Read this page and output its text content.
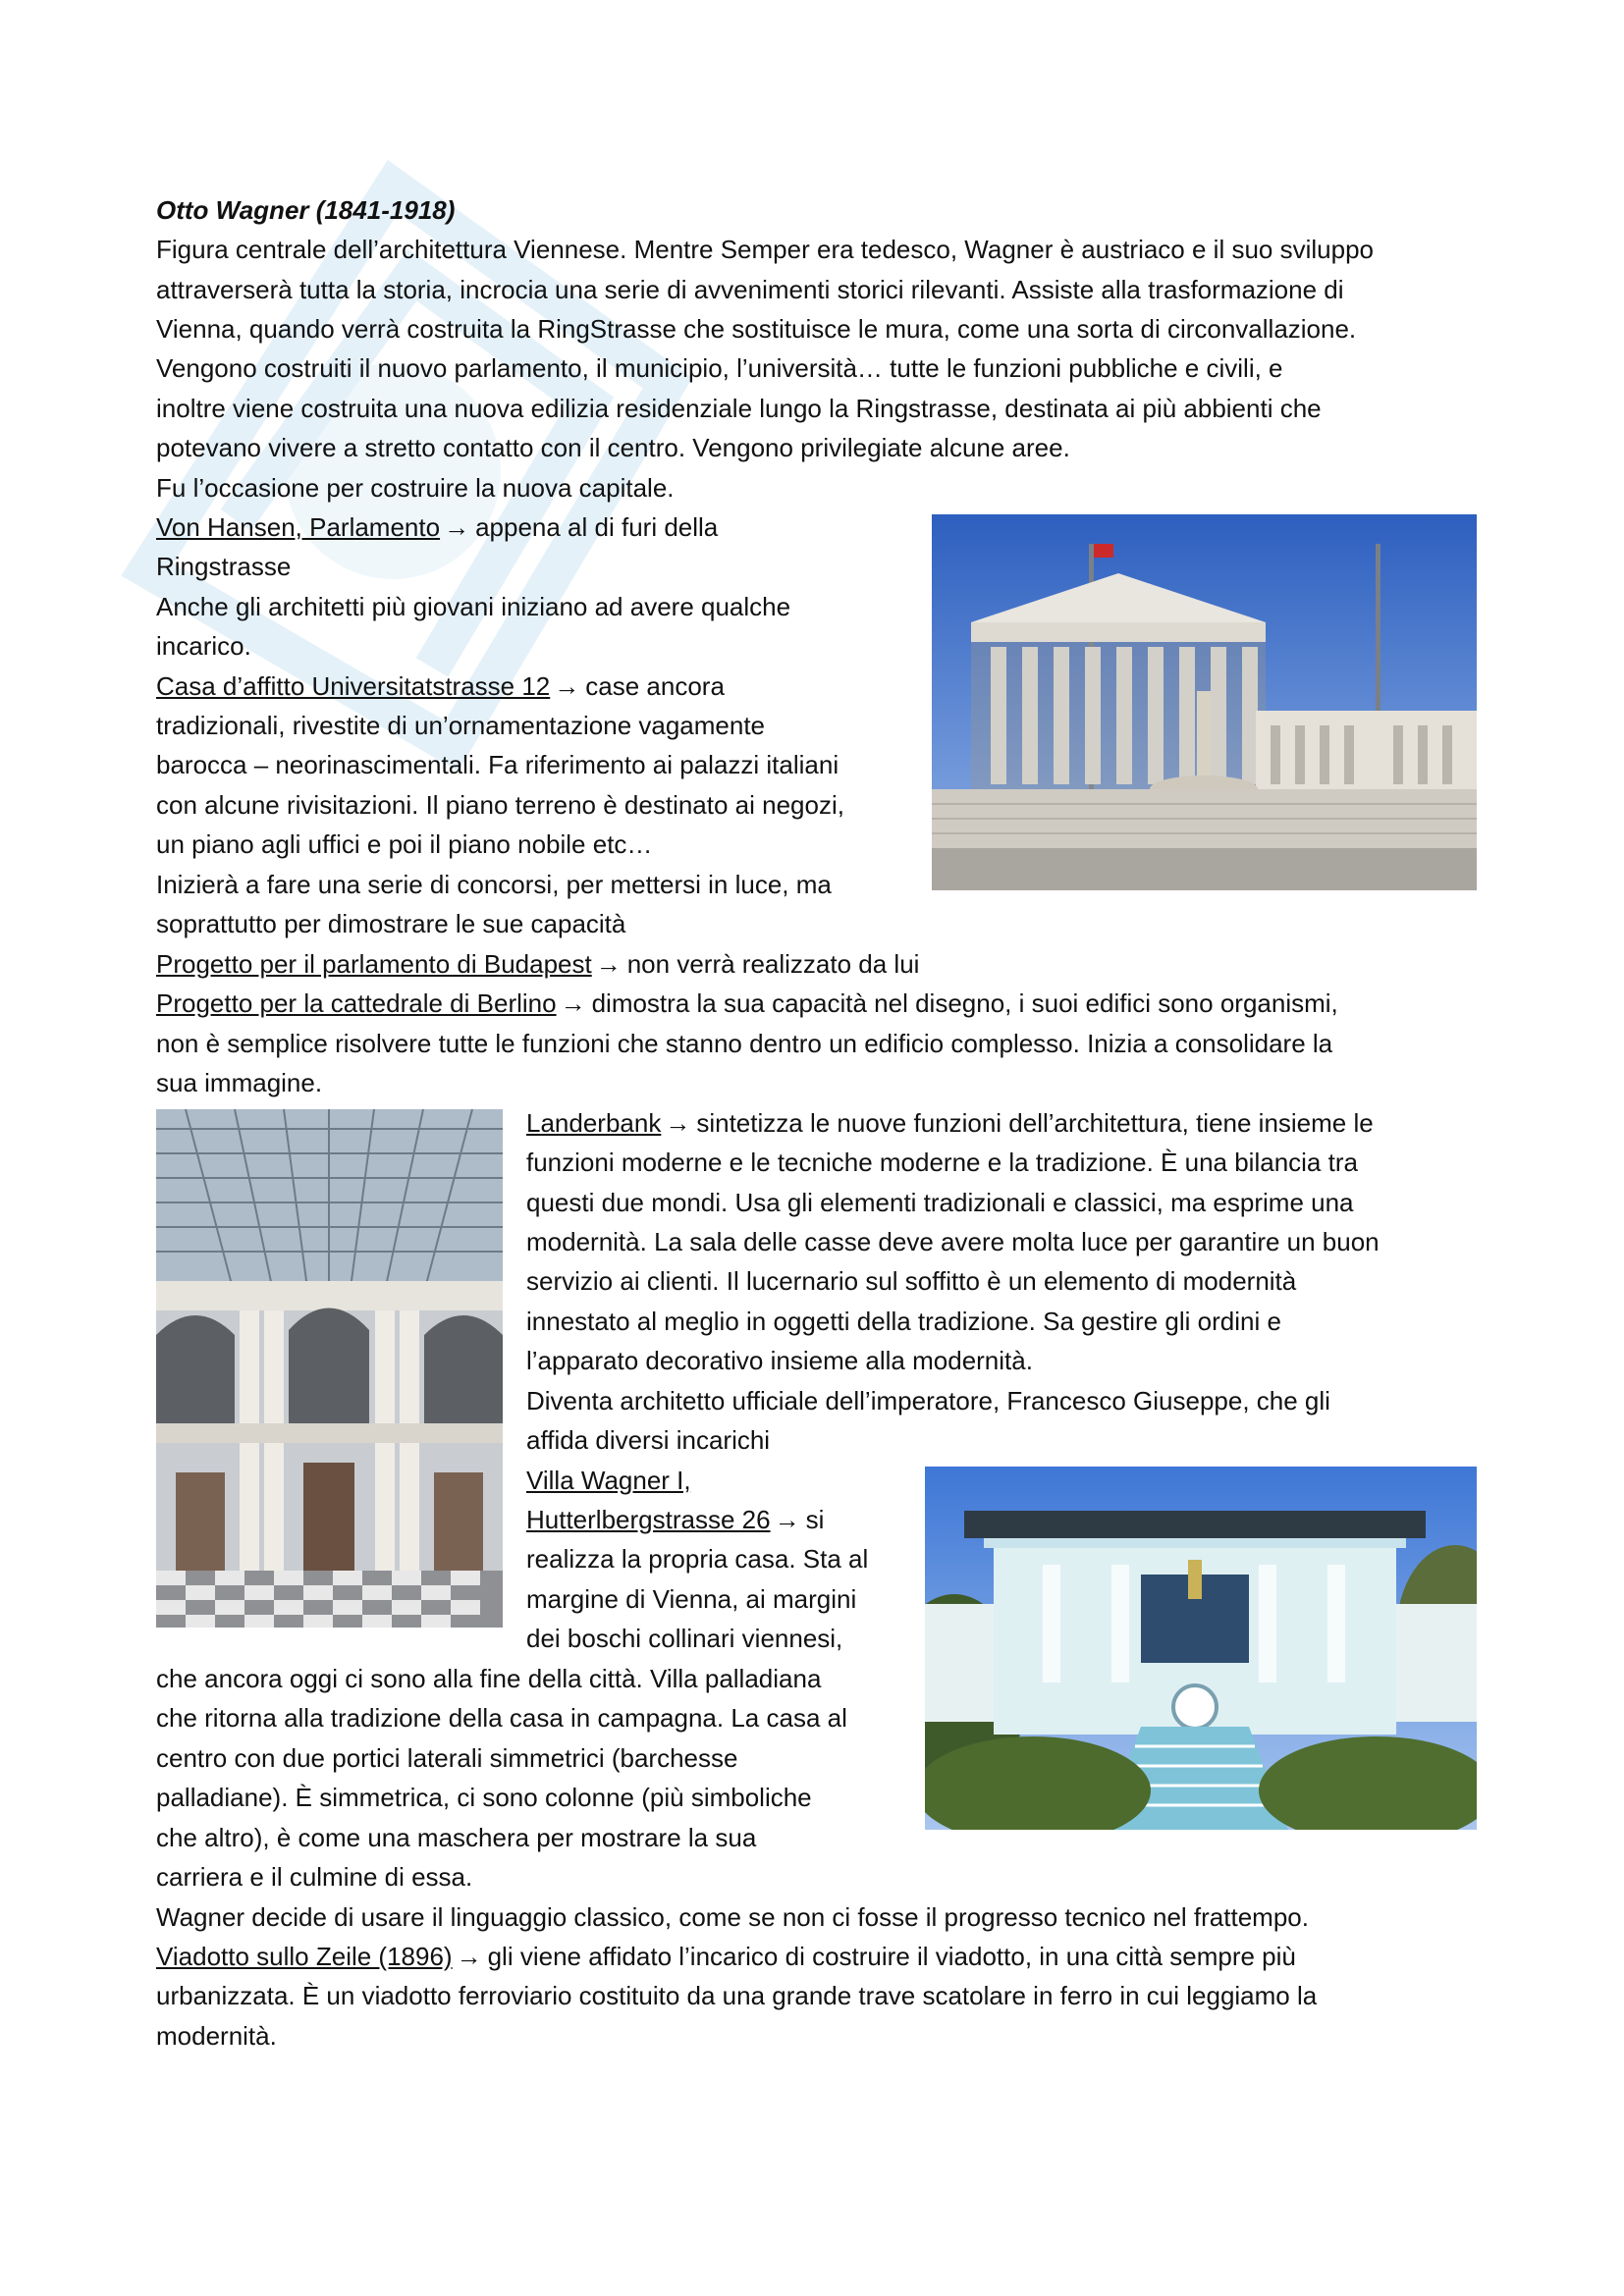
Otto Wagner (1841-1918)
Figura centrale dell’architettura Viennese. Mentre Semper era tedesco, Wagner è austriaco e il suo sviluppo
attraverserà tutta la storia, incrocia una serie di avvenimenti storici rilevanti. Assiste alla trasformazione di
Vienna, quando verrà costruita la RingStrasse che sostituisce le mura, come una sorta di circonvallazione.
Vengono costruiti il nuovo parlamento, il municipio, l’università… tutte le funzioni pubbliche e civili, e
inoltre viene costruita una nuova edilizia residenziale lungo la Ringstrasse, destinata ai più abbienti che
potevano vivere a stretto contatto con il centro. Vengono privilegiate alcune aree.
Fu l’occasione per costruire la nuova capitale.
Von Hansen, Parlamento → appena al di furi della
Ringstrasse
Anche gli architetti più giovani iniziano ad avere qualche
incarico.
Casa d’affitto Universitatstrasse 12 → case ancora
tradizionali, rivestite di un’ornamentazione vagamente
barocca – neorinascimentali. Fa riferimento ai palazzi italiani
con alcune rivisitazioni. Il piano terreno è destinato ai negozi,
un piano agli uffici e poi il piano nobile etc…
Inizierà a fare una serie di concorsi, per mettersi in luce, ma
soprattutto per dimostrare le sue capacità
Progetto per il parlamento di Budapest → non verrà realizzato da lui
Progetto per la cattedrale di Berlino → dimostra la sua capacità nel disegno, i suoi edifici sono organismi,
non è semplice risolvere tutte le funzioni che stanno dentro un edificio complesso. Inizia a consolidare la
sua immagine.
Landerbank → sintetizza le nuove funzioni dell’architettura, tiene insieme le
funzioni moderne e le tecniche moderne e la tradizione. È una bilancia tra
questi due mondi. Usa gli elementi tradizionali e classici, ma esprime una
modernità. La sala delle casse deve avere molta luce per garantire un buon
servizio ai clienti. Il lucernario sul soffitto è un elemento di modernità
innestato al meglio in oggetti della tradizione. Sa gestire gli ordini e
l’apparato decorativo insieme alla modernità.
Diventa architetto ufficiale dell’imperatore, Francesco Giuseppe, che gli
affida diversi incarichi
Villa Wagner I,
Hutterlbergstrasse 26 → si
realizza la propria casa. Sta al
margine di Vienna, ai margini
dei boschi collinari viennesi,
che ancora oggi ci sono alla fine della città. Villa palladiana
che ritorna alla tradizione della casa in campagna. La casa al
centro con due portici laterali simmetrici (barchesse
palladiane). È simmetrica, ci sono colonne (più simboliche
che altro), è come una maschera per mostrare la sua
carriera e il culmine di essa.
Wagner decide di usare il linguaggio classico, come se non ci fosse il progresso tecnico nel frattempo.
Viadotto sullo Zeile (1896) → gli viene affidato l’incarico di costruire il viadotto, in una città sempre più
urbanizzata. È un viadotto ferroviario costituito da una grande trave scatolare in ferro in cui leggiamo la
modernità.
